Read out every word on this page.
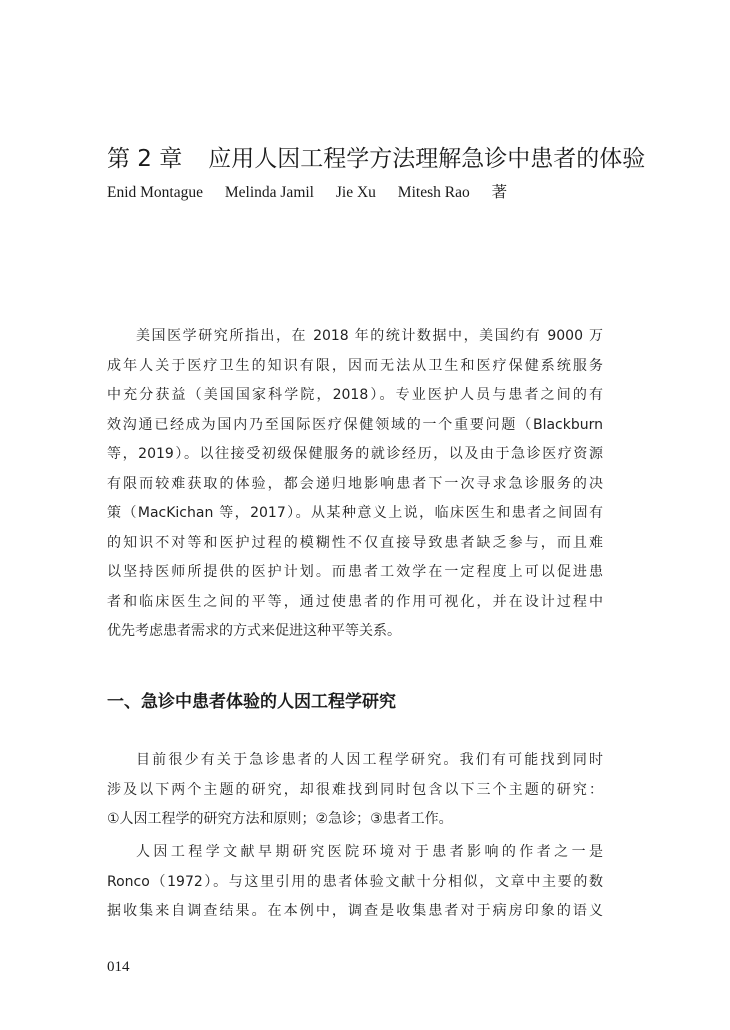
第 2 章 应用人因工程学方法理解急诊中患者的体验
Enid Montague Melinda Jamil Jie Xu Mitesh Rao 著
美国医学研究所指出，在 2018 年的统计数据中，美国约有 9000 万
成年人关于医疗卫生的知识有限，因而无法从卫生和医疗保健系统服务
中充分获益（美国国家科学院，2018）。专业医护人员与患者之间的有
效沟通已经成为国内乃至国际医疗保健领域的一个重要问题（Blackburn
等，2019）。以往接受初级保健服务的就诊经历，以及由于急诊医疗资源
有限而较难获取的体验，都会递归地影响患者下一次寻求急诊服务的决
策（MacKichan 等，2017）。从某种意义上说，临床医生和患者之间固有
的知识不对等和医护过程的模糊性不仅直接导致患者缺乏参与，而且难
以坚持医师所提供的医护计划。而患者工效学在一定程度上可以促进患
者和临床医生之间的平等，通过使患者的作用可视化，并在设计过程中
优先考虑患者需求的方式来促进这种平等关系。
一、急诊中患者体验的人因工程学研究
目前很少有关于急诊患者的人因工程学研究。我们有可能找到同时
涉及以下两个主题的研究，却很难找到同时包含以下三个主题的研究：
①人因工程学的研究方法和原则；②急诊；③患者工作。
人因工程学文献早期研究医院环境对于患者影响的作者之一是
Ronco（1972）。与这里引用的患者体验文献十分相似，文章中主要的数
据收集来自调查结果。在本例中，调查是收集患者对于病房印象的语义
014
